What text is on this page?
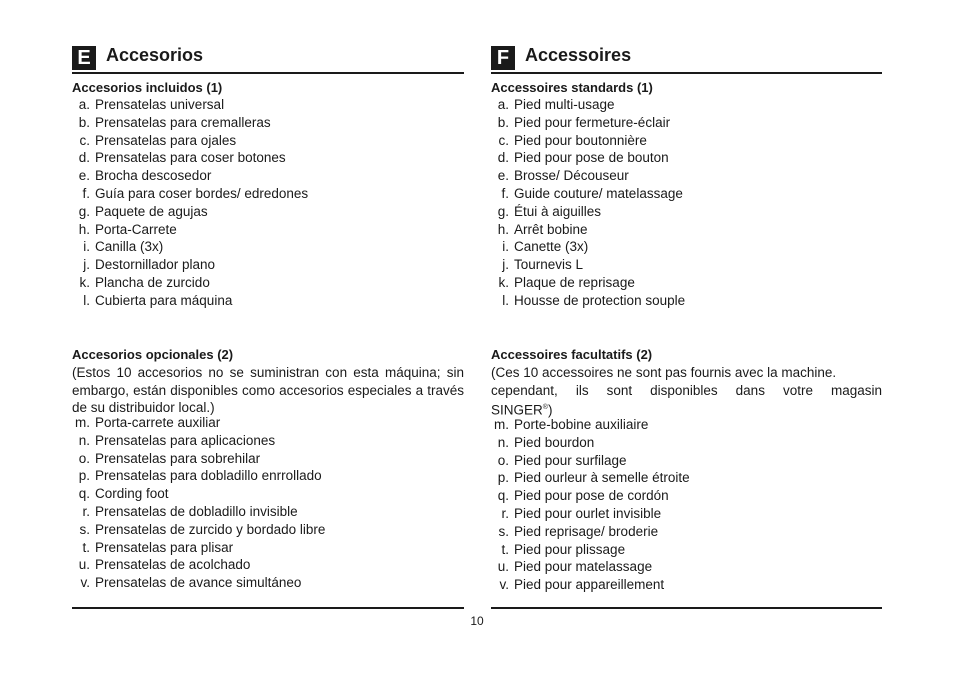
E Accesorios
Accesorios incluidos (1)
a. Prensatelas universal
b. Prensatelas para cremalleras
c. Prensatelas para ojales
d. Prensatelas para coser botones
e. Brocha descosedor
f. Guía para coser bordes/ edredones
g. Paquete de agujas
h. Porta-Carrete
i. Canilla (3x)
j. Destornillador plano
k. Plancha de zurcido
l. Cubierta para máquina
Accesorios opcionales (2)
(Estos 10 accesorios no se suministran con esta máquina; sin embargo, están disponibles como accesorios especiales a través de su distribuidor local.)
m. Porta-carrete auxiliar
n. Prensatelas para aplicaciones
o. Prensatelas para sobrehilar
p. Prensatelas para dobladillo enrrollado
q. Cording foot
r. Prensatelas de dobladillo invisible
s. Prensatelas de zurcido y bordado libre
t. Prensatelas para plisar
u. Prensatelas de acolchado
v. Prensatelas de avance simultáneo
F Accessoires
Accessoires standards (1)
a. Pied multi-usage
b. Pied pour fermeture-éclair
c. Pied pour boutonnière
d. Pied pour pose de bouton
e. Brosse/ Découseur
f. Guide couture/ matelassage
g. Étui à aiguilles
h. Arrêt bobine
i. Canette (3x)
j. Tournevis L
k. Plaque de reprisage
l. Housse de protection souple
Accessoires facultatifs (2)
(Ces 10 accessoires ne sont pas fournis avec la machine.
cependant, ils sont disponibles dans votre magasin
SINGER®)
m. Porte-bobine auxiliaire
n. Pied bourdon
o. Pied pour surfilage
p. Pied ourleur à semelle étroite
q. Pied pour pose de cordón
r. Pied pour ourlet invisible
s. Pied reprisage/ broderie
t. Pied pour plissage
u. Pied pour matelassage
v. Pied pour appareillement
10
